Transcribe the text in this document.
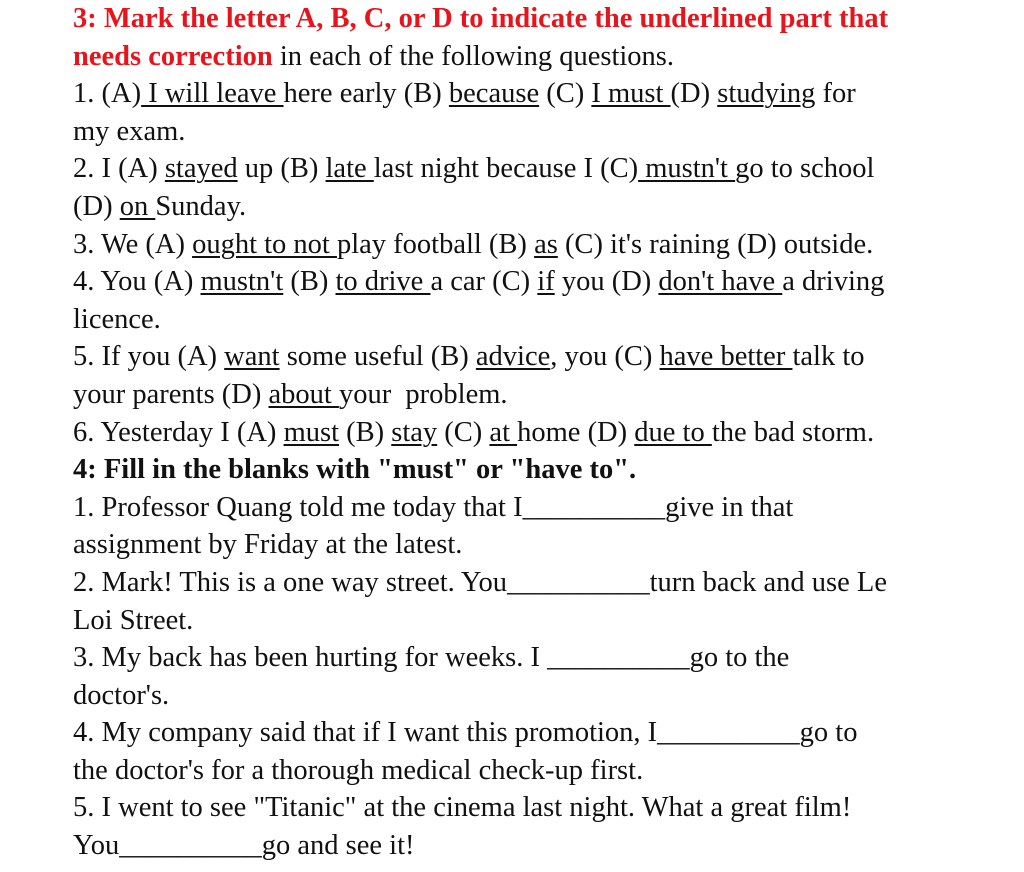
3: Mark the letter A, B, C, or D to indicate the underlined part that
needs correction in each of the following questions.
1. (A) I will leave here early (B) because (C) I must (D) studying for
my exam.
2. I (A) stayed up (B) late last night because I (C) mustn't go to school
(D) on Sunday.
3. We (A) ought to not play football (B) as (C) it's raining (D) outside.
4. You (A) mustn't (B) to drive a car (C) if you (D) don't have a driving
licence.
5. If you (A) want some useful (B) advice, you (C) have better talk to
your parents (D) about your  problem.
6. Yesterday I (A) must (B) stay (C) at home (D) due to the bad storm.
4: Fill in the blanks with "must" or "have to".
1. Professor Quang told me today that I__________give in that
assignment by Friday at the latest.
2. Mark! This is a one way street. You__________turn back and use Le
Loi Street.
3. My back has been hurting for weeks. I __________go to the
doctor's.
4. My company said that if I want this promotion, I__________go to
the doctor's for a thorough medical check-up first.
5. I went to see "Titanic" at the cinema last night. What a great film!
You__________go and see it!
